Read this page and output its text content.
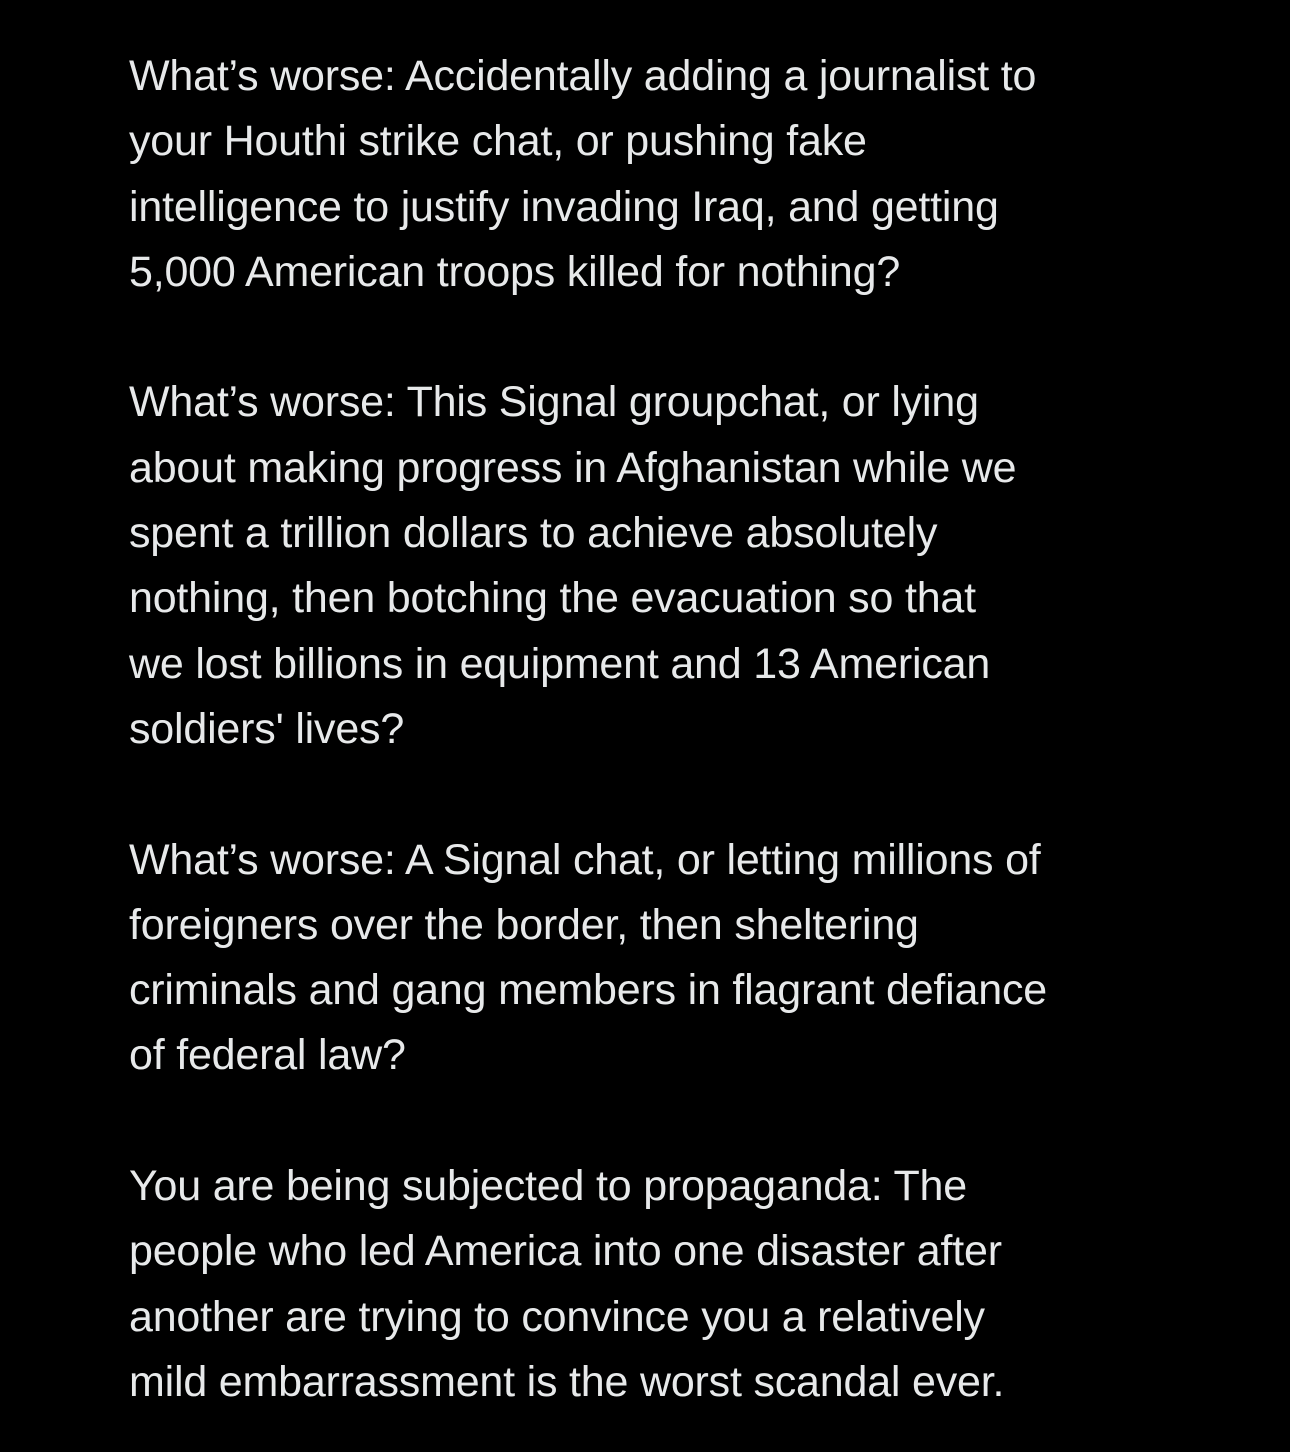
What’s worse: Accidentally adding a journalist to
your Houthi strike chat, or pushing fake
intelligence to justify invading Iraq, and getting
5,000 American troops killed for nothing?

What’s worse: This Signal groupchat, or lying
about making progress in Afghanistan while we
spent a trillion dollars to achieve absolutely
nothing, then botching the evacuation so that
we lost billions in equipment and 13 American
soldiers' lives?

What’s worse: A Signal chat, or letting millions of
foreigners over the border, then sheltering
criminals and gang members in flagrant defiance
of federal law?

You are being subjected to propaganda: The
people who led America into one disaster after
another are trying to convince you a relatively
mild embarrassment is the worst scandal ever.
